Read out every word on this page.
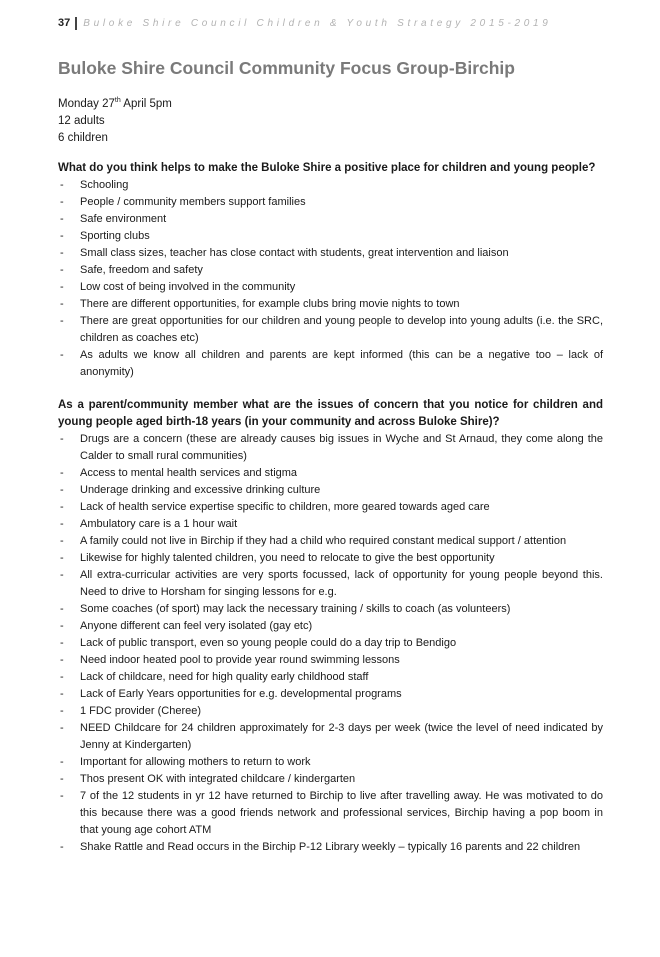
37 Buloke Shire Council Children & Youth Strategy 2015-2019
Buloke Shire Council Community Focus Group-Birchip
Monday 27th April 5pm
12 adults
6 children

What do you think helps to make the Buloke Shire a positive place for children and young people?

-	Schooling
-	People / community members support families
-	Safe environment
-	Sporting clubs
-	Small class sizes, teacher has close contact with students, great intervention and liaison
-	Safe, freedom and safety
-	Low cost of being involved in the community
-	There are different opportunities, for example clubs bring movie nights to town
-	There are great opportunities for our children and young people to develop into young adults (i.e. the SRC, children as coaches etc)
-	As adults we know all children and parents are kept informed (this can be a negative too – lack of anonymity)

As a parent/community member what are the issues of concern that you notice for children and young people aged birth-18 years (in your community and across Buloke Shire)?

-	Drugs are a concern (these are already causes big issues in Wyche and St Arnaud, they come along the Calder to small rural communities)
-	Access to mental health services and stigma
-	Underage drinking and excessive drinking culture
-	Lack of health service expertise specific to children, more geared towards aged care
-	Ambulatory care is a 1 hour wait
-	A family could not live in Birchip if they had a child who required constant medical support / attention
-	Likewise for highly talented children, you need to relocate to give the best opportunity
-	All extra-curricular activities are very sports focussed, lack of opportunity for young people beyond this. Need to drive to Horsham for singing lessons for e.g.
-	Some coaches (of sport) may lack the necessary training / skills to coach (as volunteers)
-	Anyone different can feel very isolated (gay etc)
-	Lack of public transport, even so young people could do a day trip to Bendigo
-	Need indoor heated pool to provide year round swimming lessons
-	Lack of childcare, need for high quality early childhood staff
-	Lack of Early Years opportunities for e.g. developmental programs
-	1 FDC provider (Cheree)
-	NEED Childcare for 24 children approximately for 2-3 days per week (twice the level of need indicated by Jenny at Kindergarten)
-	Important for allowing mothers to return to work
-	Thos present OK with integrated childcare / kindergarten
-	7 of the 12 students in yr 12 have returned to Birchip to live after travelling away. He was motivated to do this because there was a good friends network and professional services, Birchip having a pop boom in that young age cohort ATM
-	Shake Rattle and Read occurs in the Birchip P-12 Library weekly – typically 16 parents and 22 children
